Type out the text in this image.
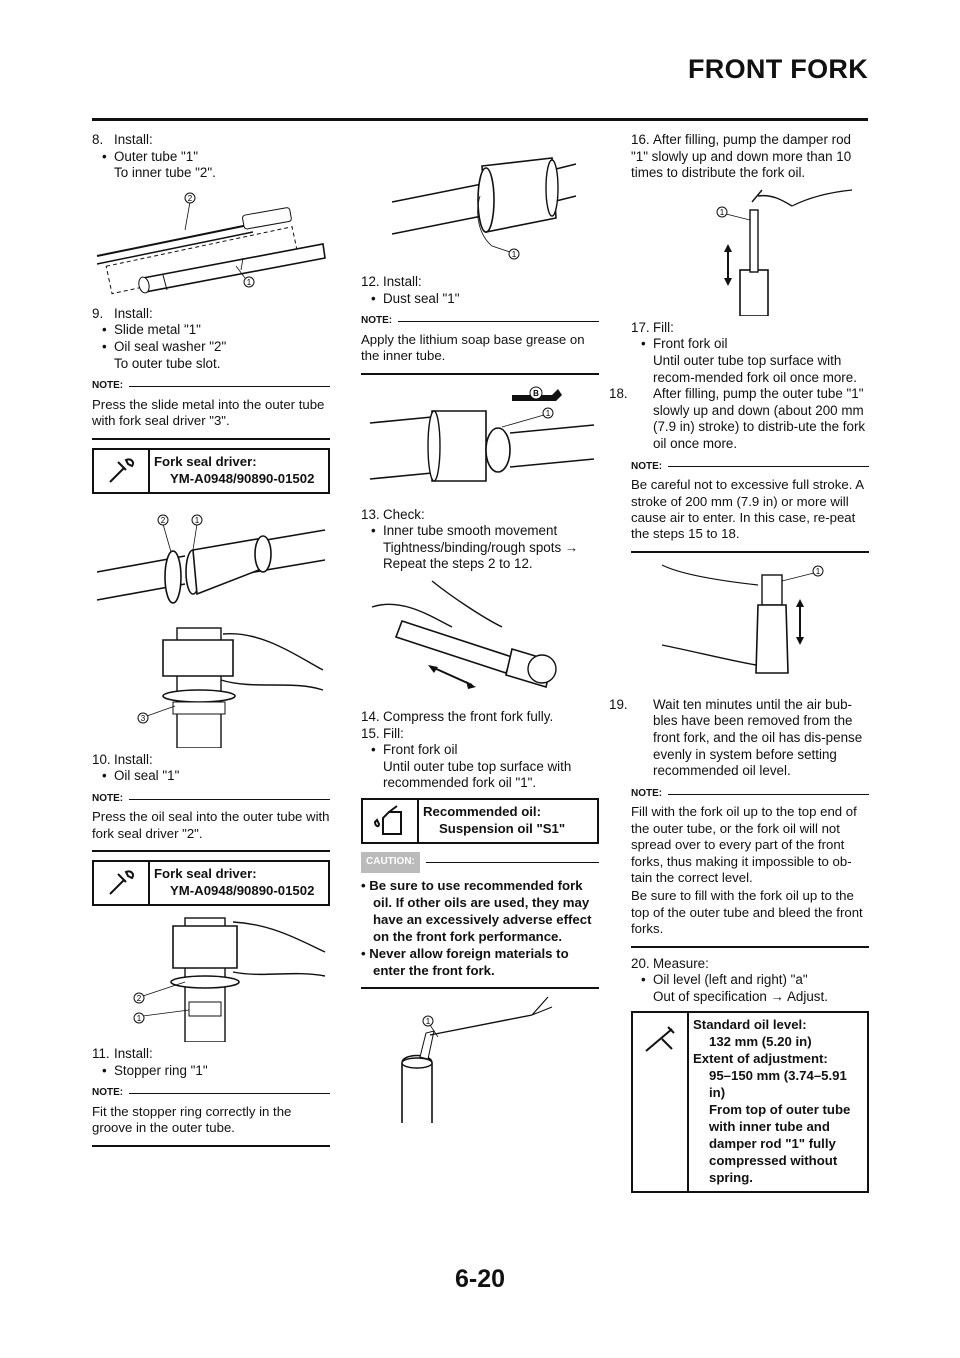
FRONT FORK

8. Install:

• Outer tube "1"

To inner tube "2".

2
1

9. Install:

• Slide metal "1"

• Oil seal washer "2"

To outer tube slot.

NOTE:
Press the slide metal into the outer tube with fork seal driver "3".
Fork seal driver:
YM-A0948/90890-01502
2	1
3

10. Install:

• Oil seal "1"

NOTE:
Press the oil seal into the outer tube with fork seal driver "2".
Fork seal driver:
YM-A0948/90890-01502
2
1

11. Install:

• Stopper ring "1"

NOTE:
Fit the stopper ring correctly in the groove in the outer tube.
1

12. Install:

• Dust seal "1"

NOTE:
Apply the lithium soap base grease on the inner tube.
1
B

13. Check:

• Inner tube smooth movement

Tightness/binding/rough spots →

Repeat the steps 2 to 12.

14. Compress the front fork fully.

15. Fill:

• Front fork oil

Until outer tube top surface with recommended fork oil "1".

Recommended oil:
Suspension oil "S1"
CAUTION:

• Be sure to use recommended fork oil. If other oils are used, they may have an excessively adverse effect on the front fork performance.

• Never allow foreign materials to enter the front fork.

1

16. After filling, pump the damper rod "1" slowly up and down more than 10 times to distribute the fork oil.

1

17. Fill:

• Front fork oil

Until outer tube top surface with recom-mended fork oil once more.

18. After filling, pump the outer tube "1" slowly up and down (about 200 mm (7.9 in) stroke) to distrib-ute the fork oil once more.

NOTE:
Be careful not to excessive full stroke. A stroke of 200 mm (7.9 in) or more will cause air to enter. In this case, re-peat the steps 15 to 18.
1

19. Wait ten minutes until the air bub-bles have been removed from the front fork, and the oil has dis-pense evenly in system before setting recommended oil level.

NOTE:
Fill with the fork oil up to the top end of the outer tube, or the fork oil will not spread over to every part of the front forks, thus making it impossible to ob-tain the correct level.
Be sure to fill with the fork oil up to the top of the outer tube and bleed the front forks.

20. Measure:

• Oil level (left and right) "a"

Out of specification → Adjust.

Standard oil level:
132 mm (5.20 in)
Extent of adjustment:
95–150 mm (3.74–5.91 in)
From top of outer tube with inner tube and damper rod "1" fully compressed without spring.
6-20
